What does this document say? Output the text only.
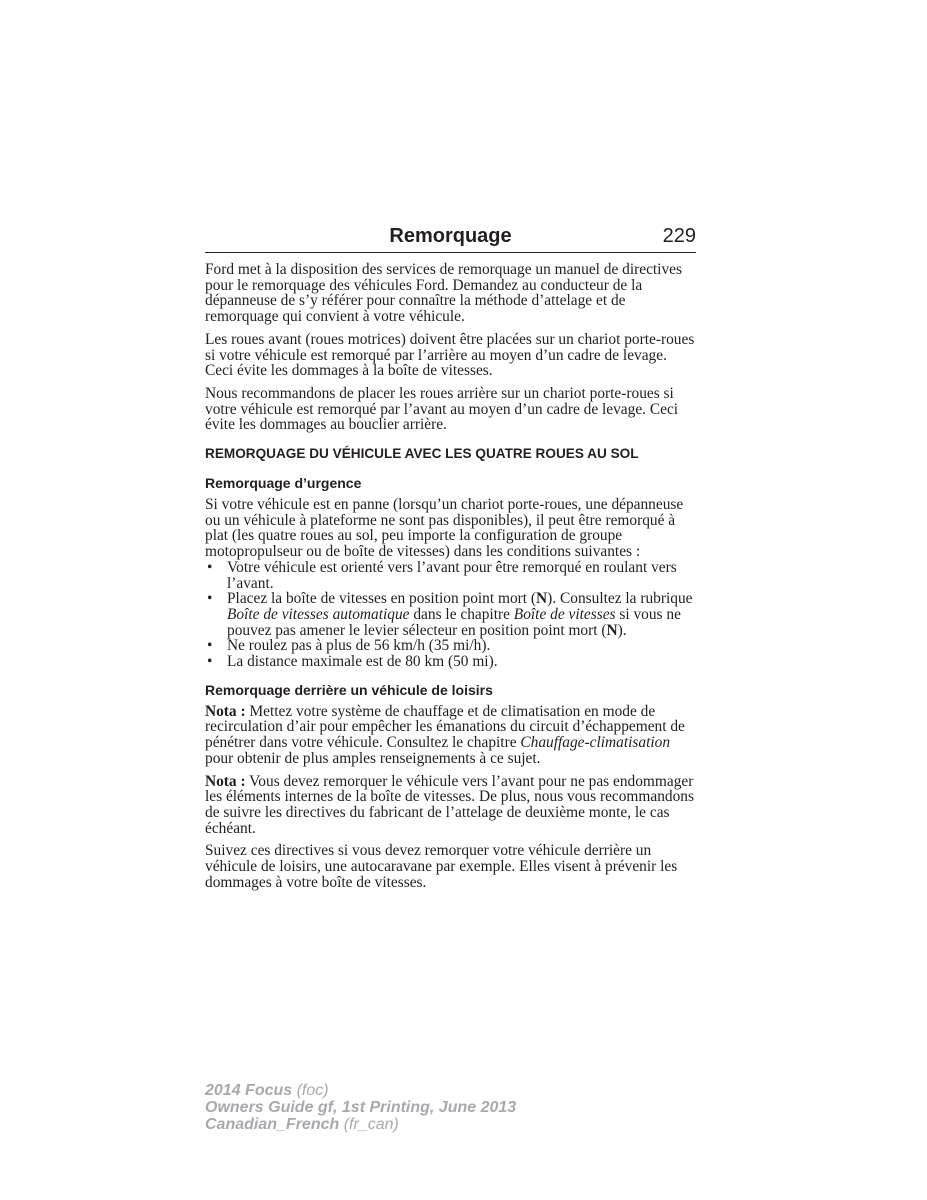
Remorquage	229

Ford met à la disposition des services de remorquage un manuel de directives pour le remorquage des véhicules Ford. Demandez au conducteur de la dépanneuse de s’y référer pour connaître la méthode d’attelage et de remorquage qui convient à votre véhicule.

Les roues avant (roues motrices) doivent être placées sur un chariot porte-roues si votre véhicule est remorqué par l’arrière au moyen d’un cadre de levage. Ceci évite les dommages à la boîte de vitesses.

Nous recommandons de placer les roues arrière sur un chariot porte-roues si votre véhicule est remorqué par l’avant au moyen d’un cadre de levage. Ceci évite les dommages au bouclier arrière.

REMORQUAGE DU VÉHICULE AVEC LES QUATRE ROUES AU SOL
Remorquage d’urgence

Si votre véhicule est en panne (lorsqu’un chariot porte-roues, une dépanneuse ou un véhicule à plateforme ne sont pas disponibles), il peut être remorqué à plat (les quatre roues au sol, peu importe la configuration de groupe motopropulseur ou de boîte de vitesses) dans les conditions suivantes :

• Votre véhicule est orienté vers l’avant pour être remorqué en roulant vers l’avant.
• Placez la boîte de vitesses en position point mort (N). Consultez la rubrique Boîte de vitesses automatique dans le chapitre Boîte de vitesses si vous ne pouvez pas amener le levier sélecteur en position point mort (N).
• Ne roulez pas à plus de 56 km/h (35 mi/h).
• La distance maximale est de 80 km (50 mi).
Remorquage derrière un véhicule de loisirs

Nota : Mettez votre système de chauffage et de climatisation en mode de recirculation d’air pour empêcher les émanations du circuit d’échappement de pénétrer dans votre véhicule. Consultez le chapitre Chauffage-climatisation pour obtenir de plus amples renseignements à ce sujet.

Nota : Vous devez remorquer le véhicule vers l’avant pour ne pas endommager les éléments internes de la boîte de vitesses. De plus, nous vous recommandons de suivre les directives du fabricant de l’attelage de deuxième monte, le cas échéant.

Suivez ces directives si vous devez remorquer votre véhicule derrière un véhicule de loisirs, une autocaravane par exemple. Elles visent à prévenir les dommages à votre boîte de vitesses.

2014 Focus (foc)
Owners Guide gf, 1st Printing, June 2013
Canadian_French (fr_can)
